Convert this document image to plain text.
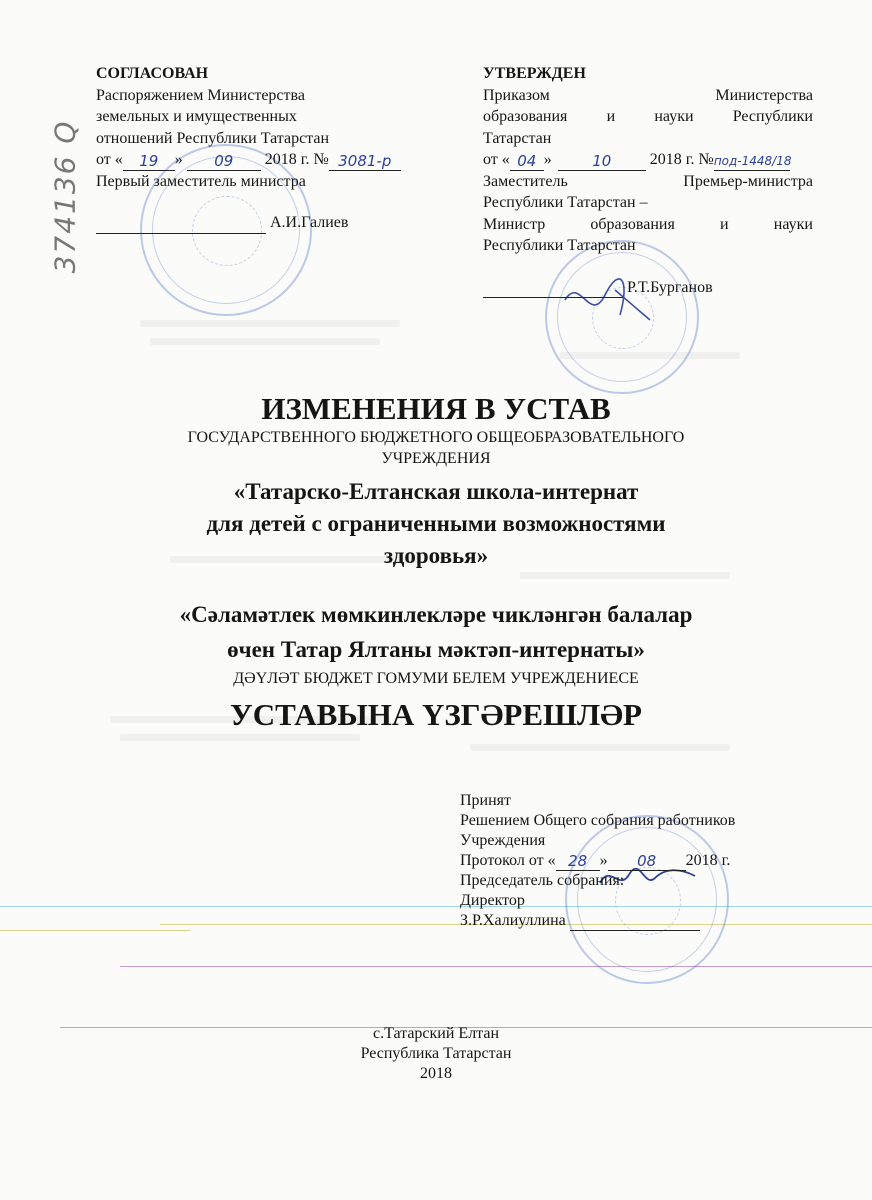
374136 Q
СОГЛАСОВАН
Распоряжением Министерства
земельных и имущественных
отношений Республики Татарстан
от « 19 » 09 2018 г. № 3081-р
Первый заместитель министра
А.И.Галиев
УТВЕРЖДЕН
Приказом	Министерства
образования и науки Республики
Татарстан
от « 04 »	10 2018 г. №под-1448/18
Заместитель	Премьер-министра
Республики Татарстан –
Министр	образования	и	науки
Республики Татарстан
Р.Т.Бурганов
ИЗМЕНЕНИЯ В УСТАВ
ГОСУДАРСТВЕННОГО БЮДЖЕТНОГО ОБЩЕОБРАЗОВАТЕЛЬНОГО
УЧРЕЖДЕНИЯ
«Татарско-Елтанская школа-интернат
для детей с ограниченными возможностями
здоровья»
«Сәламәтлек мөмкинлекләре чикләнгән балалар
өчен Татар Ялтаны мәктәп-интернаты»
ДӘҮЛӘТ БЮДЖЕТ ГОМУМИ БЕЛЕМ УЧРЕЖДЕНИЕСЕ
УСТАВЫНА ҮЗГӘРЕШЛӘР
Принят
Решением Общего собрания работников
Учреждения
Протокол от « 28 » 08 2018 г.
Председатель собрания:
Директор
З.Р.Халиуллина
с.Татарский Елтан
Республика Татарстан
2018
